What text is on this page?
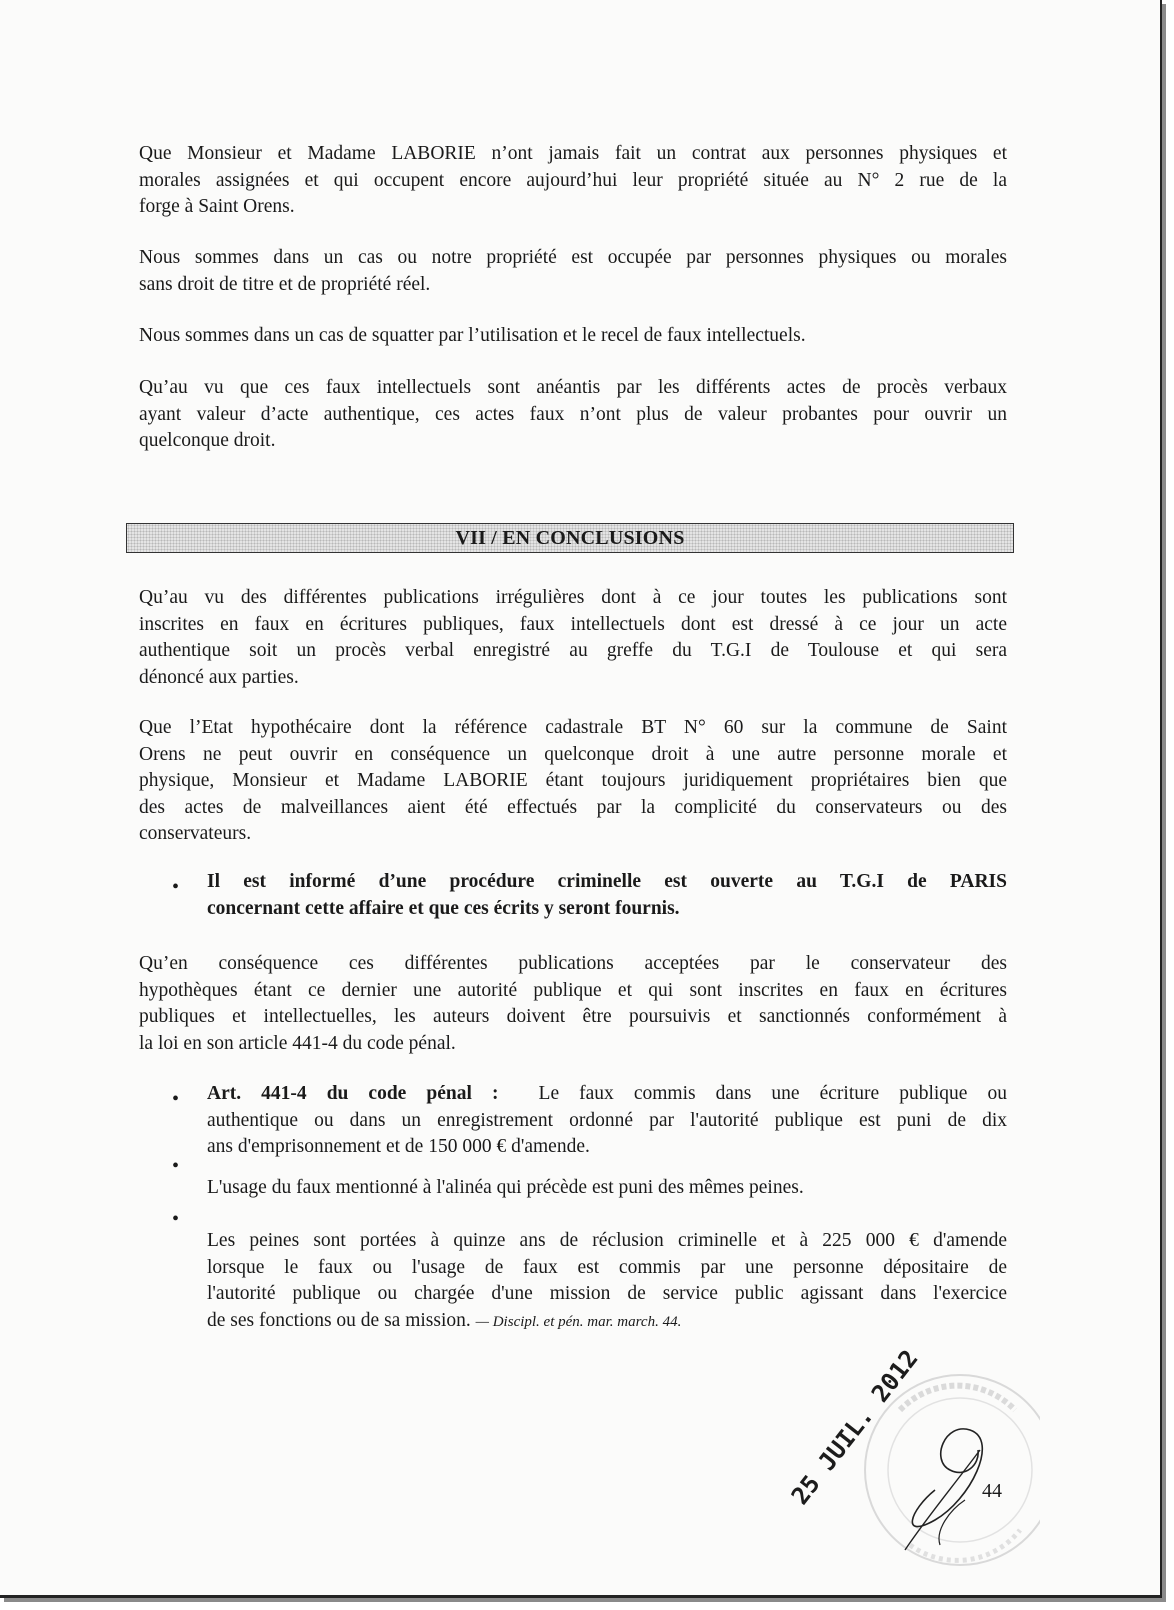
Que Monsieur et Madame LABORIE n’ont jamais fait un contrat aux personnes physiques et
morales assignées et qui occupent encore aujourd’hui leur propriété située au N° 2 rue de la
forge à Saint Orens.

Nous sommes dans un cas ou notre propriété est occupée par personnes physiques ou morales
sans droit de titre et de propriété réel.

Nous sommes dans un cas de squatter par l’utilisation et le recel de faux intellectuels.

Qu’au vu que ces faux intellectuels sont anéantis par les différents actes de procès verbaux
ayant valeur d’acte authentique, ces actes faux n’ont plus de valeur probantes pour ouvrir un
quelconque droit.

VII / EN CONCLUSIONS

Qu’au vu des différentes publications irrégulières dont à ce jour toutes les publications sont
inscrites en faux en écritures publiques, faux intellectuels dont est dressé à ce jour un acte
authentique soit un procès verbal enregistré au greffe du T.G.I de Toulouse et qui sera
dénoncé aux parties.

Que l’Etat hypothécaire dont la référence cadastrale BT N° 60 sur la commune de Saint
Orens ne peut ouvrir en conséquence un quelconque droit à une autre personne morale et
physique, Monsieur et Madame LABORIE étant toujours juridiquement propriétaires bien que
des actes de malveillances aient été effectués par la complicité du conservateurs ou des
conservateurs.

• Il est informé d’une procédure criminelle est ouverte au T.G.I de PARIS
concernant cette affaire et que ces écrits y seront fournis.

Qu’en conséquence ces différentes publications acceptées par le conservateur des
hypothèques étant ce dernier une autorité publique et qui sont inscrites en faux en écritures
publiques et intellectuelles, les auteurs doivent être poursuivis et sanctionnés conformément à
la loi en son article 441-4 du code pénal.

• Art. 441-4 du code pénal : Le faux commis dans une écriture publique ou
authentique ou dans un enregistrement ordonné par l'autorité publique est puni de dix
ans d'emprisonnement et de 150 000 € d'amende.

•

L'usage du faux mentionné à l'alinéa qui précède est puni des mêmes peines.

•

Les peines sont portées à quinze ans de réclusion criminelle et à 225 000 € d'amende
lorsque le faux ou l'usage de faux est commis par une personne dépositaire de
l'autorité publique ou chargée d'une mission de service public agissant dans l'exercice
de ses fonctions ou de sa mission. — Discipl. et pén. mar. march. 44.

25 JUIL. 2012	44
